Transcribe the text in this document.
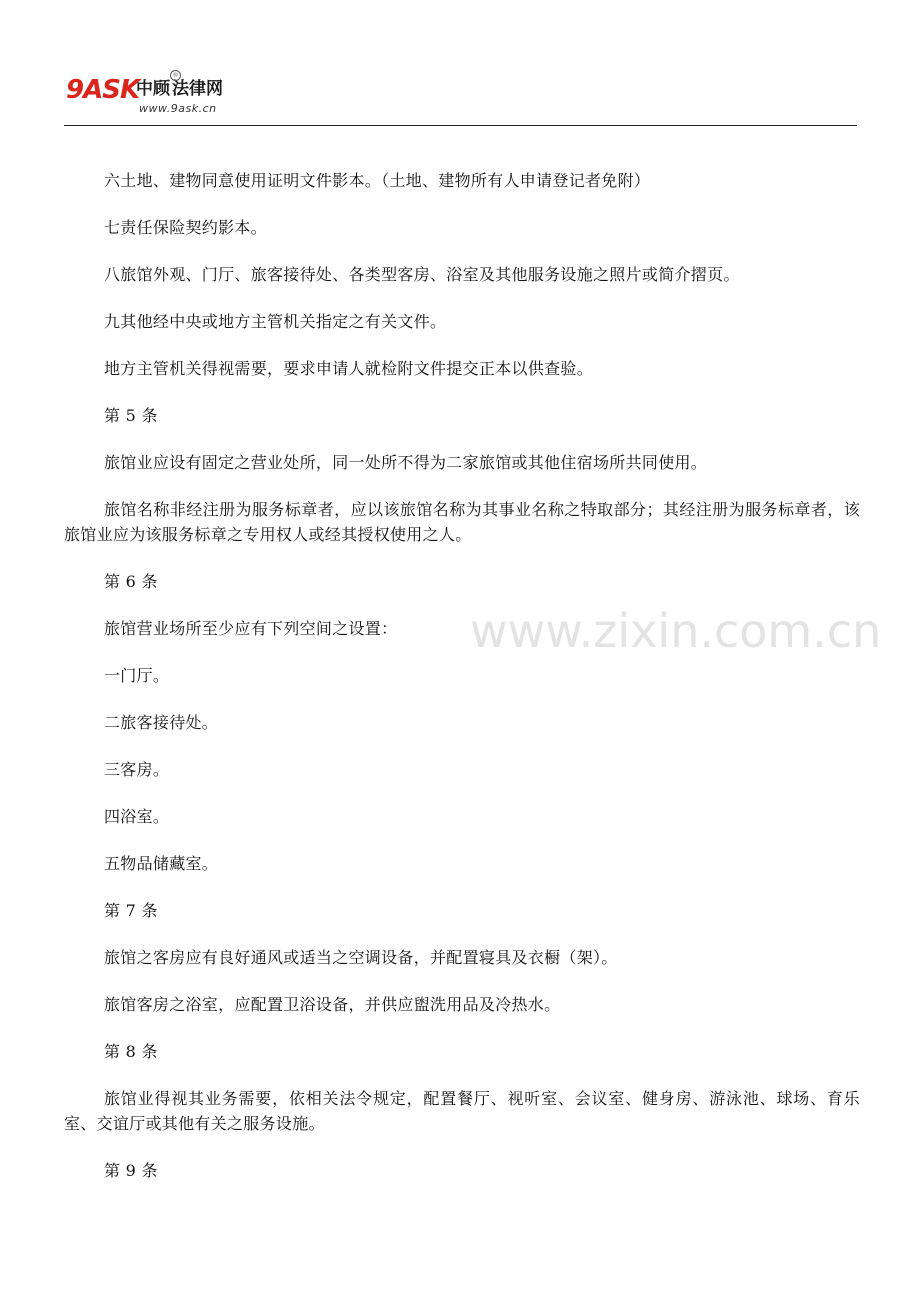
9ASK
中顾 法律网
®
www.9ask.cn
www.zixin.com.cn

六土地、建物同意使用证明文件影本。（土地、建物所有人申请登记者免附）

七责任保险契约影本。

八旅馆外观、门厅、旅客接待处、各类型客房、浴室及其他服务设施之照片或简介摺页。

九其他经中央或地方主管机关指定之有关文件。

地方主管机关得视需要，要求申请人就检附文件提交正本以供查验。

第 5 条

旅馆业应设有固定之营业处所，同一处所不得为二家旅馆或其他住宿场所共同使用。

旅馆名称非经注册为服务标章者，应以该旅馆名称为其事业名称之特取部分；其经注册为服务标章者，该旅馆业应为该服务标章之专用权人或经其授权使用之人。

第 6 条

旅馆营业场所至少应有下列空间之设置：

一门厅。

二旅客接待处。

三客房。

四浴室。

五物品储藏室。

第 7 条

旅馆之客房应有良好通风或适当之空调设备，并配置寝具及衣橱（架）。

旅馆客房之浴室，应配置卫浴设备，并供应盥洗用品及冷热水。

第 8 条

旅馆业得视其业务需要，依相关法令规定，配置餐厅、视听室、会议室、健身房、游泳池、球场、育乐室、交谊厅或其他有关之服务设施。

第 9 条
